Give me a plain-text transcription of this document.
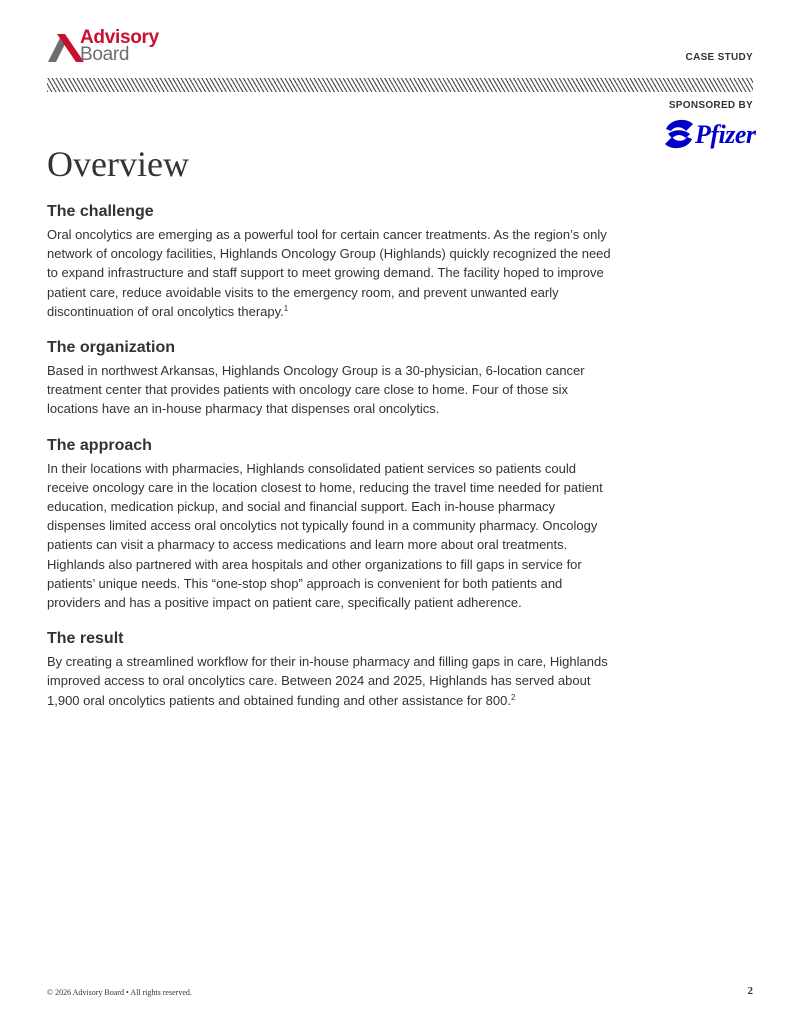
Advisory
Board	CASE STUDY
SPONSORED BY
Pfizer
Overview
The challenge

Oral oncolytics are emerging as a powerful tool for certain cancer treatments. As the region’s only network of oncology facilities, Highlands Oncology Group (Highlands) quickly recognized the need to expand infrastructure and staff support to meet growing demand. The facility hoped to improve patient care, reduce avoidable visits to the emergency room, and prevent unwanted early discontinuation of oral oncolytics therapy.$^1$

The organization

Based in northwest Arkansas, Highlands Oncology Group is a 30-physician, 6-location cancer treatment center that provides patients with oncology care close to home. Four of those six locations have an in-house pharmacy that dispenses oral oncolytics.

The approach

In their locations with pharmacies, Highlands consolidated patient services so patients could receive oncology care in the location closest to home, reducing the travel time needed for patient education, medication pickup, and social and financial support. Each in-house pharmacy dispenses limited access oral oncolytics not typically found in a community pharmacy. Oncology patients can visit a pharmacy to access medications and learn more about oral treatments. Highlands also partnered with area hospitals and other organizations to fill gaps in service for patients’ unique needs. This “one-stop shop” approach is convenient for both patients and providers and has a positive impact on patient care, specifically patient adherence.

The result

By creating a streamlined workflow for their in-house pharmacy and filling gaps in care, Highlands improved access to oral oncolytics care. Between 2024 and 2025, Highlands has served about 1,900 oral oncolytics patients and obtained funding and other assistance for 800.$^2$

© 2026 Advisory Board • All rights reserved.	2
